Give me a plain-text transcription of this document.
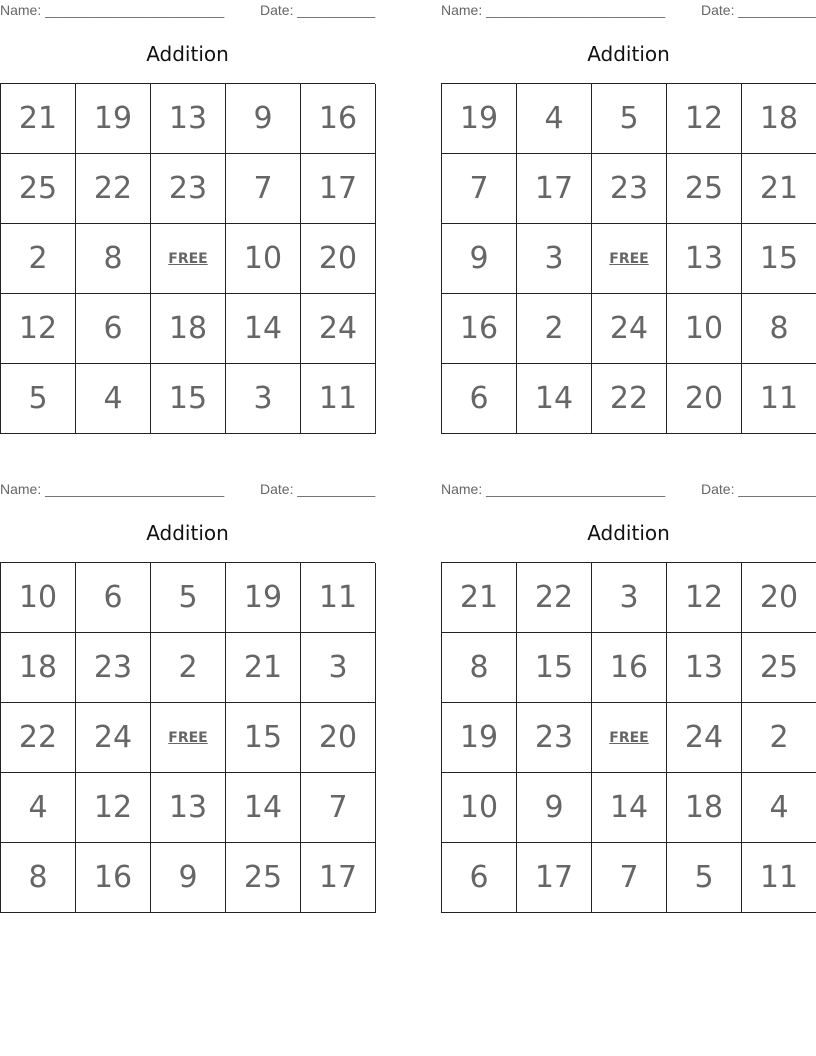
Name: _______________________	Date: __________
Addition
21	19	13	9	16
25	22	23	7	17
2	8	FREE	10	20
12	6	18	14	24
5	4	15	3	11
Name: _______________________	Date: __________
Addition
19	4	5	12	18
7	17	23	25	21
9	3	FREE	13	15
16	2	24	10	8
6	14	22	20	11
Name: _______________________	Date: __________
Addition
10	6	5	19	11
18	23	2	21	3
22	24	FREE	15	20
4	12	13	14	7
8	16	9	25	17
Name: _______________________	Date: __________
Addition
21	22	3	12	20
8	15	16	13	25
19	23	FREE	24	2
10	9	14	18	4
6	17	7	5	11
